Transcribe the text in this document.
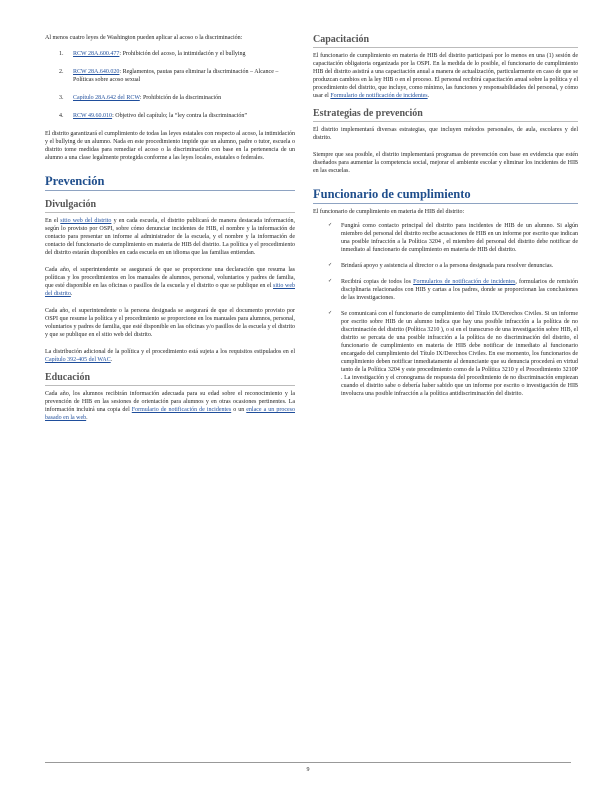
Al menos cuatro leyes de Washington pueden aplicar al acoso o la discriminación:

1. RCW 28A.600.477: Prohibición del acoso, la intimidación y el bullying
2. RCW 28A.640.020: Reglamentos, pautas para eliminar la discriminación – Alcance – Políticas sobre acoso sexual
3. Capítulo 28A.642 del RCW: Prohibición de la discriminación
4. RCW 49.60.010: Objetivo del capítulo; la “ley contra la discriminación”

El distrito garantizará el cumplimiento de todas las leyes estatales con respecto al acoso, la intimidación y el bullying de un alumno. Nada en este procedimiento impide que un alumno, padre o tutor, escuela o distrito tome medidas para remediar el acoso o la discriminación con base en la pertenencia de un alumno a una clase legalmente protegida conforme a las leyes locales, estatales o federales.

Prevención
Divulgación

En el sitio web del distrito y en cada escuela, el distrito publicará de manera destacada información, según lo provisto por OSPI, sobre cómo denunciar incidentes de HIB, el nombre y la información de contacto para presentar un informe al administrador de la escuela, y el nombre y la información de contacto del funcionario de cumplimiento en materia de HIB del distrito. La política y el procedimiento del distrito estarán disponibles en cada escuela en un idioma que las familias entiendan.

Cada año, el superintendente se asegurará de que se proporcione una declaración que resuma las políticas y los procedimientos en los manuales de alumnos, personal, voluntarios y padres de familia, que esté disponible en las oficinas o pasillos de la escuela y el distrito o que se publique en el sitio web del distrito.

Cada año, el superintendente o la persona designada se asegurará de que el documento provisto por OSPI que resume la política y el procedimiento se proporcione en los manuales para alumnos, personal, voluntarios y padres de familia, que esté disponible en las oficinas y/o pasillos de la escuela y el distrito y que se publique en el sitio web del distrito.

La distribución adicional de la política y el procedimiento está sujeta a los requisitos estipulados en el Capítulo 392-405 del WAC.

Educación

Cada año, los alumnos recibirán información adecuada para su edad sobre el reconocimiento y la prevención de HIB en las sesiones de orientación para alumnos y en otras ocasiones pertinentes. La información incluirá una copia del Formulario de notificación de incidentes o un enlace a un proceso basado en la web.

Capacitación

El funcionario de cumplimiento en materia de HIB del distrito participará por lo menos en una (1) sesión de capacitación obligatoria organizada por la OSPI. En la medida de lo posible, el funcionario de cumplimiento HIB del distrito asistirá a una capacitación anual a manera de actualización, particularmente en caso de que se produzcan cambios en la ley HIB o en el proceso. El personal recibirá capacitación anual sobre la política y el procedimiento del distrito, que incluye, como mínimo, las funciones y responsabilidades del personal, y cómo usar el Formulario de notificación de incidentes.

Estrategias de prevención

El distrito implementará diversas estrategias, que incluyen métodos personales, de aula, escolares y del distrito.

Siempre que sea posible, el distrito implementará programas de prevención con base en evidencia que estén diseñados para aumentar la competencia social, mejorar el ambiente escolar y eliminar los incidentes de HIB en las escuelas.

Funcionario de cumplimiento

El funcionario de cumplimiento en materia de HIB del distrito:

✓ Fungirá como contacto principal del distrito para incidentes de HIB de un alumno. Si algún miembro del personal del distrito recibe acusaciones de HIB en un informe por escrito que indican una posible infracción a la Política 3204 , el miembro del personal del distrito debe notificar de inmediato al funcionario de cumplimiento en materia de HIB del distrito.
✓ Brindará apoyo y asistencia al director o a la persona designada para resolver denuncias.
✓ Recibirá copias de todos los Formularios de notificación de incidentes, formularios de remisión disciplinaria relacionados con HIB y cartas a los padres, donde se proporcionan las conclusiones de las investigaciones.
✓ Se comunicará con el funcionario de cumplimiento del Título IX/Derechos Civiles. Si un informe por escrito sobre HIB de un alumno indica que hay una posible infracción a la política de no discriminación del distrito (Política 3210 ), o si en el transcurso de una investigación sobre HIB, el distrito se percata de una posible infracción a la política de no discriminación del distrito, el funcionario de cumplimiento en materia de HIB debe notificar de inmediato al funcionario encargado del cumplimiento del Título IX/Derechos Civiles. En ese momento, los funcionarios de cumplimiento deben notificar inmediatamente al denunciante que su denuncia procederá en virtud tanto de la Política 3204 y este procedimiento como de la Política 3210 y el Procedimiento 3210P . La investigación y el cronograma de respuesta del procedimiento de no discriminación empiezan cuando el distrito sabe o debería haber sabido que un informe por escrito o investigación de HIB involucra una posible infracción a la política antidiscriminación del distrito.
9
